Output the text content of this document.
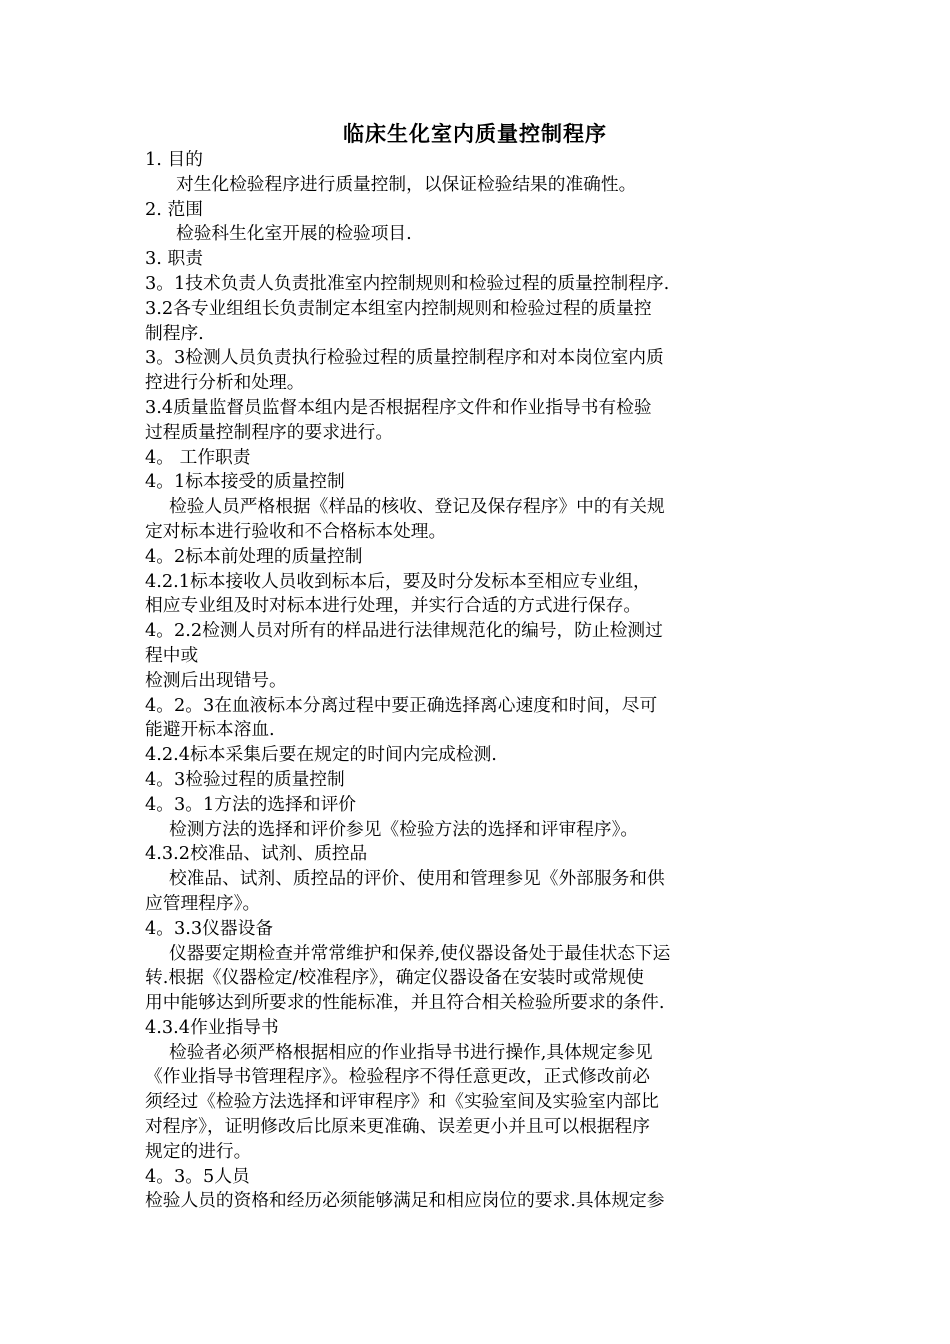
临床生化室内质量控制程序

1. 目的

对生化检验程序进行质量控制，以保证检验结果的准确性。

2. 范围

检验科生化室开展的检验项目.

3. 职责

3。1技术负责人负责批准室内控制规则和检验过程的质量控制程序.

3.2各专业组组长负责制定本组室内控制规则和检验过程的质量控

制程序.

3。3检测人员负责执行检验过程的质量控制程序和对本岗位室内质

控进行分析和处理。

3.4质量监督员监督本组内是否根据程序文件和作业指导书有检验

过程质量控制程序的要求进行。

4。 工作职责

4。1标本接受的质量控制

检验人员严格根据《样品的核收、登记及保存程序》中的有关规

定对标本进行验收和不合格标本处理。

4。2标本前处理的质量控制

4.2.1标本接收人员收到标本后，要及时分发标本至相应专业组，

相应专业组及时对标本进行处理，并实行合适的方式进行保存。

4。2.2检测人员对所有的样品进行法律规范化的编号，防止检测过

程中或

检测后出现错号。

4。2。3在血液标本分离过程中要正确选择离心速度和时间，尽可

能避开标本溶血.

4.2.4标本采集后要在规定的时间内完成检测.

4。3检验过程的质量控制

4。3。1方法的选择和评价

检测方法的选择和评价参见《检验方法的选择和评审程序》。

4.3.2校准品、试剂、质控品

校准品、试剂、质控品的评价、使用和管理参见《外部服务和供

应管理程序》。

4。3.3仪器设备

仪器要定期检查并常常维护和保养,使仪器设备处于最佳状态下运

转.根据《仪器检定/校准程序》，确定仪器设备在安装时或常规使

用中能够达到所要求的性能标准，并且符合相关检验所要求的条件.

4.3.4作业指导书

检验者必须严格根据相应的作业指导书进行操作,具体规定参见

《作业指导书管理程序》。检验程序不得任意更改，正式修改前必

须经过《检验方法选择和评审程序》和《实验室间及实验室内部比

对程序》，证明修改后比原来更准确、误差更小并且可以根据程序

规定的进行。

4。3。5人员

检验人员的资格和经历必须能够满足和相应岗位的要求.具体规定参
